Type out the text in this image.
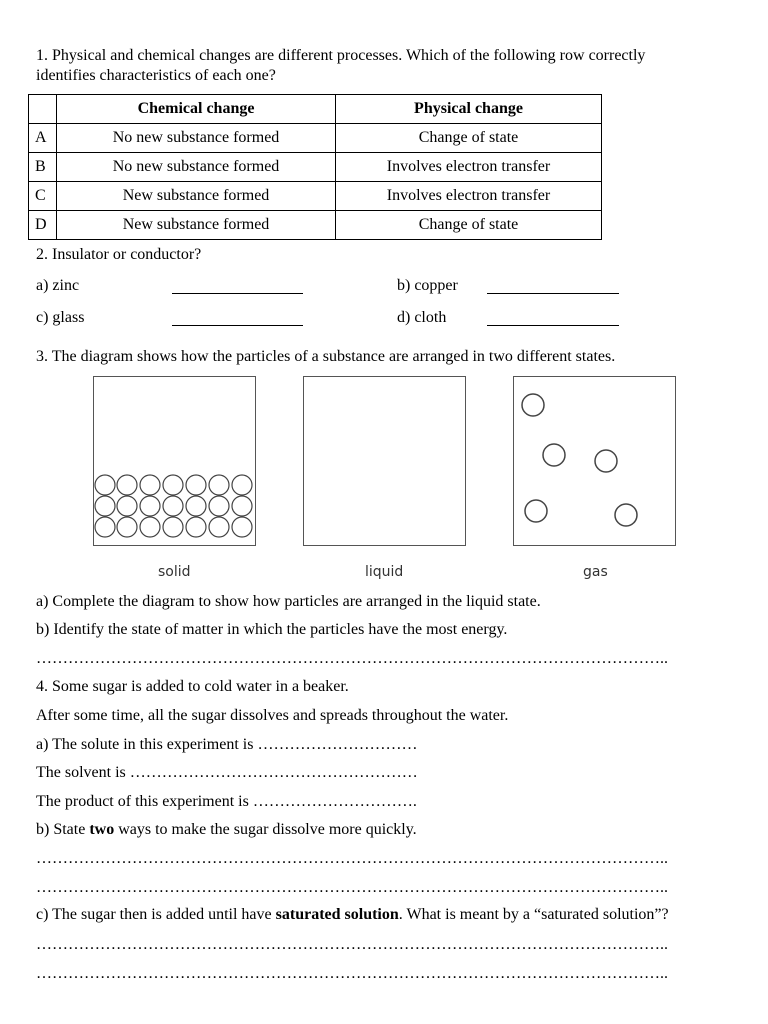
1. Physical and chemical changes are different processes. Which of the following row correctly
identifies characteristics of each one?
	Chemical change	Physical change
A	No new substance formed	Change of state
B	No new substance formed	Involves electron transfer
C	New substance formed	Involves electron transfer
D	New substance formed	Change of state
2. Insulator or conductor?
a) zinc	b) copper
c) glass	d) cloth
3. The diagram shows how the particles of a substance are arranged in two different states.
solid	liquid	gas
a) Complete the diagram to show how particles are arranged in the liquid state.
b) Identify the state of matter in which the particles have the most energy.
………………………………………………………………………………………………………..
4. Some sugar is added to cold water in a beaker.
After some time, all the sugar dissolves and spreads throughout the water.
a) The solute in this experiment is …………………………
The solvent is ………………………………………………
The product of this experiment is ………………………….
b) State two ways to make the sugar dissolve more quickly.
………………………………………………………………………………………………………..
………………………………………………………………………………………………………..
c) The sugar then is added until have saturated solution. What is meant by a “saturated solution”?
………………………………………………………………………………………………………..
………………………………………………………………………………………………………..
